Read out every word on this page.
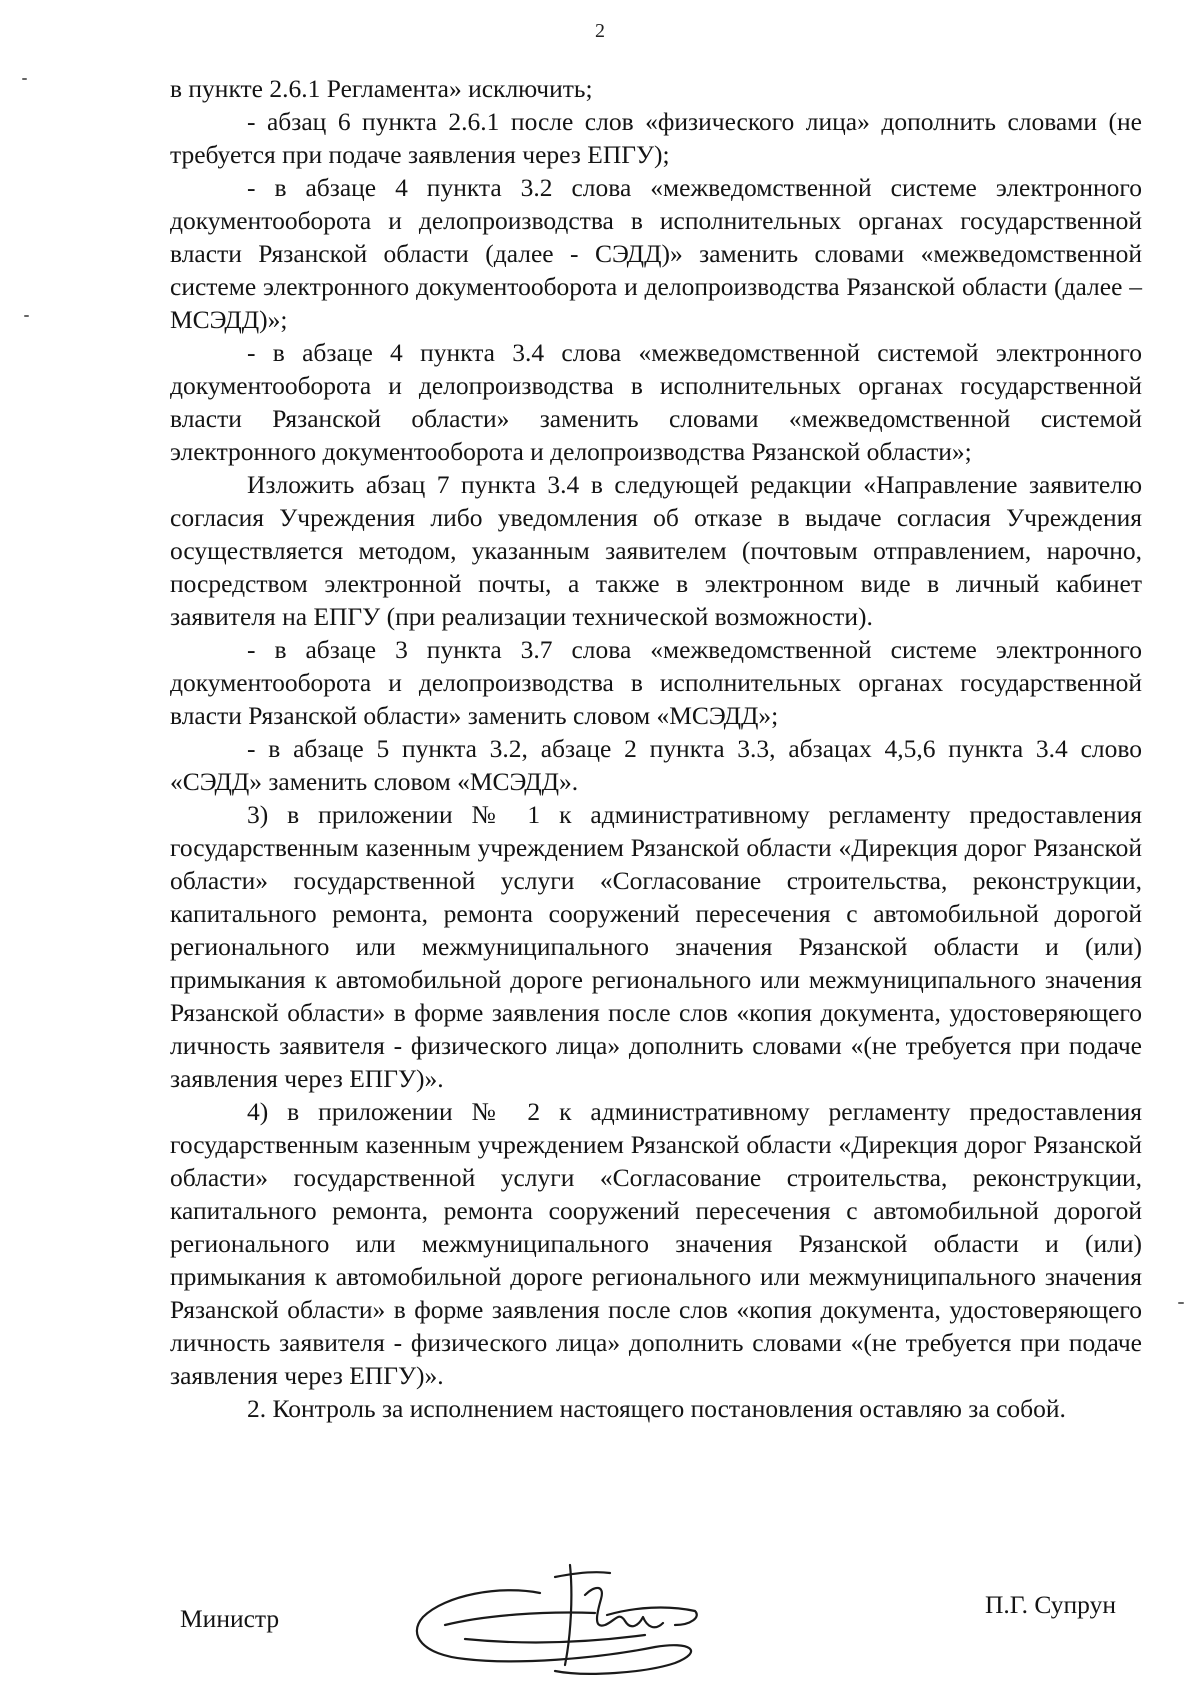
2

в пункте 2.6.1 Регламента» исключить;

- абзац 6 пункта 2.6.1 после слов «физического лица» дополнить словами (не требуется при подаче заявления через ЕПГУ);

- в абзаце 4 пункта 3.2 слова «межведомственной системе электронного документооборота и делопроизводства в исполнительных органах государственной власти Рязанской области (далее - СЭДД)» заменить словами «межведомственной системе электронного документооборота и делопроизводства Рязанской области (далее – МСЭДД)»;

- в абзаце 4 пункта 3.4 слова «межведомственной системой электронного документооборота и делопроизводства в исполнительных органах государственной власти Рязанской области» заменить словами «межведомственной системой электронного документооборота и делопроизводства Рязанской области»;

Изложить абзац 7 пункта 3.4 в следующей редакции «Направление заявителю согласия Учреждения либо уведомления об отказе в выдаче согласия Учреждения осуществляется методом, указанным заявителем (почтовым отправлением, нарочно, посредством электронной почты, а также в электронном виде в личный кабинет заявителя на ЕПГУ (при реализации технической возможности).

- в абзаце 3 пункта 3.7 слова «межведомственной системе электронного документооборота и делопроизводства в исполнительных органах государственной власти Рязанской области» заменить словом «МСЭДД»;

- в абзаце 5 пункта 3.2, абзаце 2 пункта 3.3, абзацах 4,5,6 пункта 3.4 слово «СЭДД» заменить словом «МСЭДД».

3) в приложении № 1 к административному регламенту предоставления государственным казенным учреждением Рязанской области «Дирекция дорог Рязанской области» государственной услуги «Согласование строительства, реконструкции, капитального ремонта, ремонта сооружений пересечения с автомобильной дорогой регионального или межмуниципального значения Рязанской области и (или) примыкания к автомобильной дороге регионального или межмуниципального значения Рязанской области» в форме заявления после слов «копия документа, удостоверяющего личность заявителя - физического лица» дополнить словами «(не требуется при подаче заявления через ЕПГУ)».

4) в приложении № 2 к административному регламенту предоставления государственным казенным учреждением Рязанской области «Дирекция дорог Рязанской области» государственной услуги «Согласование строительства, реконструкции, капитального ремонта, ремонта сооружений пересечения с автомобильной дорогой регионального или межмуниципального значения Рязанской области и (или) примыкания к автомобильной дороге регионального или межмуниципального значения Рязанской области» в форме заявления после слов «копия документа, удостоверяющего личность заявителя - физического лица» дополнить словами «(не требуется при подаче заявления через ЕПГУ)».

2. Контроль за исполнением настоящего постановления оставляю за собой.

Министр	П.Г. Супрун
